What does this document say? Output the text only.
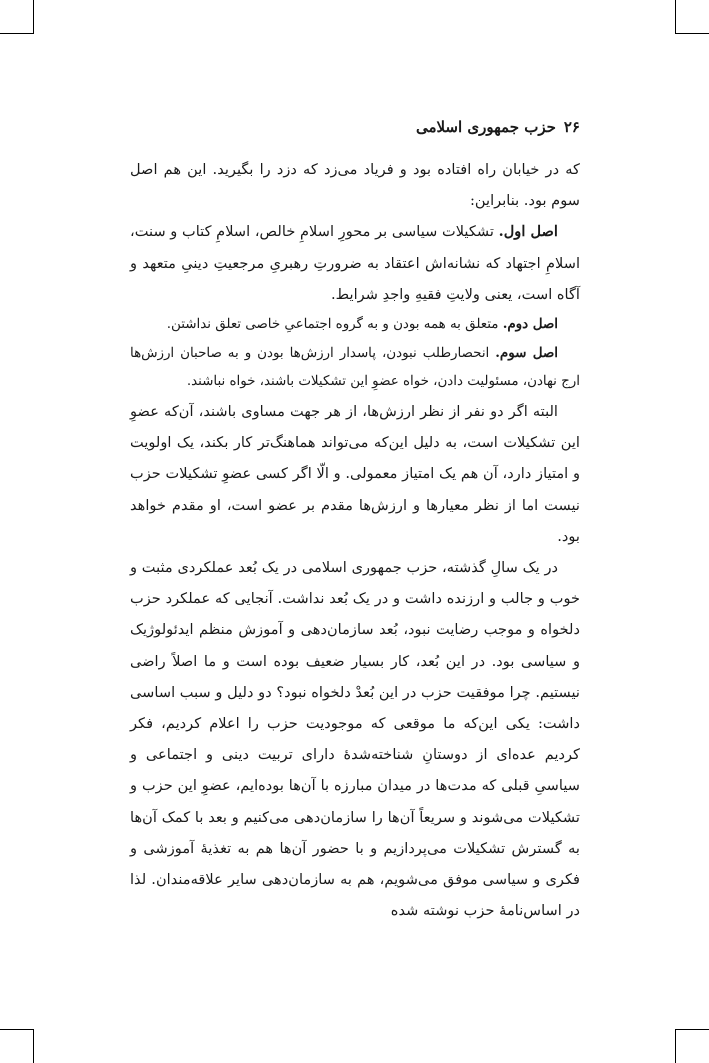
۲۶
حزب جمهوری اسلامی

که در خیابان راه افتاده بود و فریاد می‌زد که دزد را بگیرید. این هم اصل سوم بود. بنابراین:

اصل اول. تشکیلات سیاسی بر محورِ اسلامِ خالص، اسلامِ کتاب و سنت، اسلامِ اجتهاد که نشانه‌اش اعتقاد به ضرورتِ رهبریِ مرجعیتِ دینیِ متعهد و آگاه است، یعنی ولایتِ فقیهِ واجدِ شرایط.

اصل دوم. متعلق به همه بودن و به گروه اجتماعیِ خاصی تعلق نداشتن.

اصل سوم. انحصارطلب نبودن، پاسدار ارزش‌ها بودن و به صاحبان ارزش‌ها ارج نهادن، مسئولیت دادن، خواه عضوِ این تشکیلات باشند، خواه نباشند.

البته اگر دو نفر از نظر ارزش‌ها، از هر جهت مساوی باشند، آن‌که عضوِ این تشکیلات است، به دلیل این‌که می‌تواند هماهنگ‌تر کار بکند، یک اولویت و امتیاز دارد، آن هم یک امتیاز معمولی. و الّا اگر کسی عضوِ تشکیلات حزب نیست اما از نظر معیارها و ارزش‌ها مقدم بر عضو است، او مقدم خواهد بود.

در یک سالِ گذشته، حزب جمهوری اسلامی در یک بُعد عملکردی مثبت و خوب و جالب و ارزنده داشت و در یک بُعد نداشت. آنجایی که عملکرد حزب دلخواه و موجب رضایت نبود، بُعد سازمان‌دهی و آموزش منظم ایدئولوژیک و سیاسی بود. در این بُعد، کار بسیار ضعیف بوده است و ما اصلاً راضی نیستیم. چرا موفقیت حزب در این بُعدْ دلخواه نبود؟ دو دلیل و سبب اساسی داشت: یکی این‌که ما موقعی که موجودیت حزب را اعلام کردیم، فکر کردیم عده‌ای از دوستانِ شناخته‌شدهٔ دارای تربیت دینی و اجتماعی و سیاسیِ قبلی که مدت‌ها در میدان مبارزه با آن‌ها بوده‌ایم، عضوِ این حزب و تشکیلات می‌شوند و سریعاً آن‌ها را سازمان‌دهی می‌کنیم و بعد با کمک آن‌ها به گسترش تشکیلات می‌پردازیم و با حضور آن‌ها هم به تغذیهٔ آموزشی و فکری و سیاسی موفق می‌شویم، هم به سازمان‌دهی سایر علاقه‌مندان. لذا در اساس‌نامهٔ حزب نوشته شده
